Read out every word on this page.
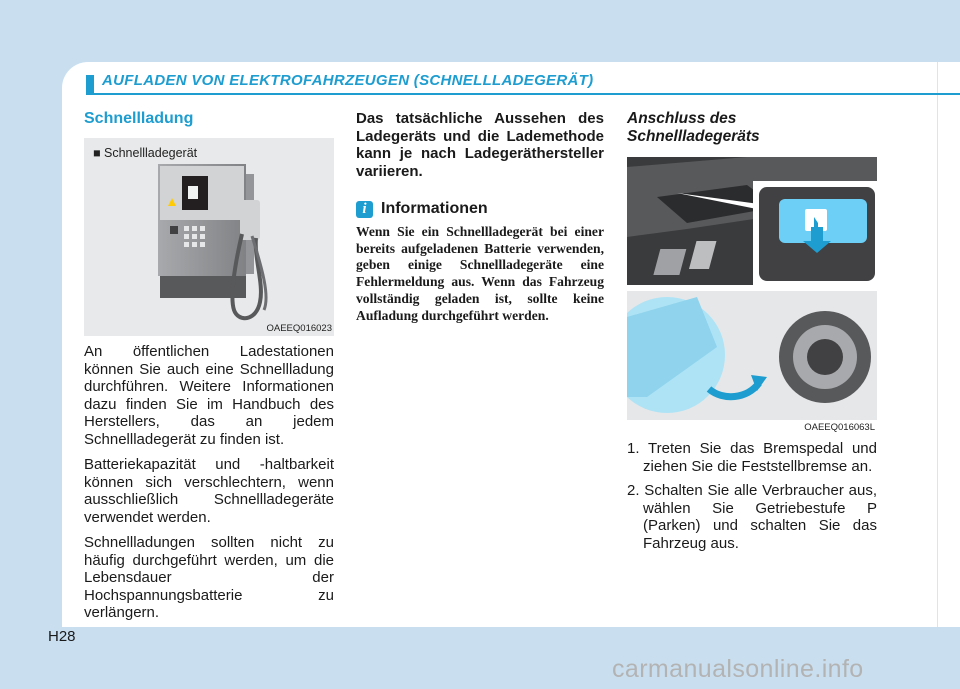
AUFLADEN VON ELEKTROFAHRZEUGEN (SCHNELLLADEGERÄT)
Schnellladung
■ Schnellladegerät
OAEEQ016023

An öffentlichen Ladestationen können Sie auch eine Schnellladung durchführen. Weitere Informationen dazu finden Sie im Handbuch des Herstellers, das an jedem Schnellladegerät zu finden ist.

Batteriekapazität und -haltbarkeit können sich verschlechtern, wenn ausschließlich Schnellladegeräte verwendet werden.

Schnellladungen sollten nicht zu häufig durchgeführt werden, um die Lebensdauer der Hochspannungsbatterie zu verlängern.

Das tatsächliche Aussehen des Ladegeräts und die Lademethode kann je nach Ladegeräthersteller variieren.

i Informationen

Wenn Sie ein Schnellladegerät bei einer bereits aufgeladenen Batterie verwenden, geben einige Schnellladegeräte eine Fehlermeldung aus. Wenn das Fahrzeug vollständig geladen ist, sollte keine Aufladung durchgeführt werden.

Anschluss des

Schnellladegeräts

OAEEQ016063L
1. Treten Sie das Bremspedal und ziehen Sie die Feststellbremse an.
2. Schalten Sie alle Verbraucher aus, wählen Sie Getriebestufe P (Parken) und schalten Sie das Fahrzeug aus.
H28
carmanualsonline.info
